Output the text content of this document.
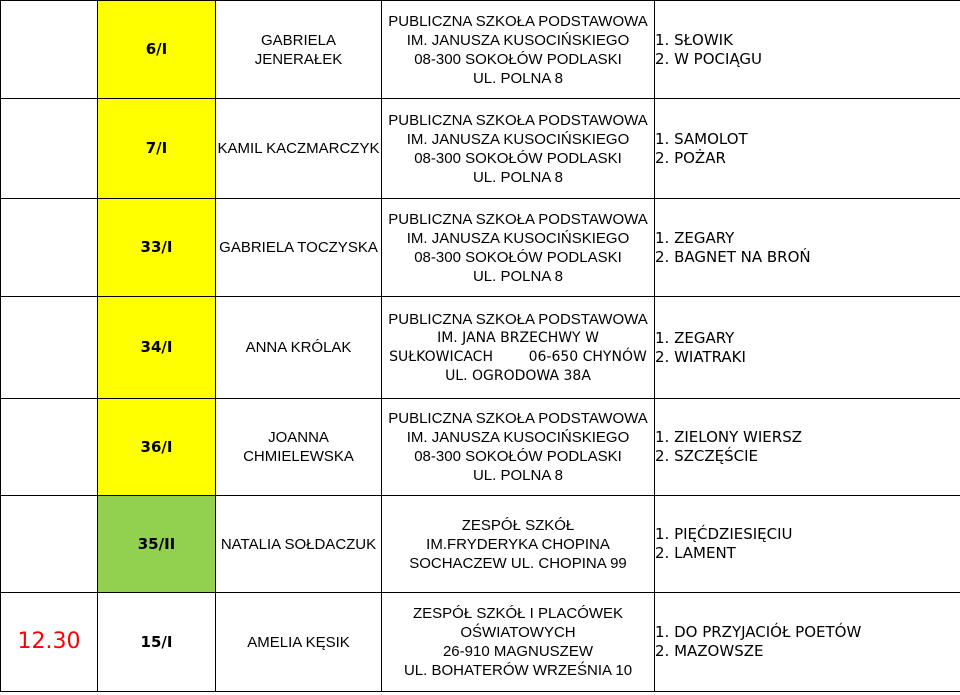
	6/I	GABRIELA JENERAŁEK	PUBLICZNA SZKOŁA PODSTAWOWA
IM. JANUSZA KUSOCIŃSKIEGO
08-300 SOKOŁÓW PODLASKI
UL. POLNA 8	1. SŁOWIK
2. W POCIĄGU

	7/I	KAMIL KACZMARCZYK	PUBLICZNA SZKOŁA PODSTAWOWA
IM. JANUSZA KUSOCIŃSKIEGO
08-300 SOKOŁÓW PODLASKI
UL. POLNA 8	1. SAMOLOT
2. POŻAR

	33/I	GABRIELA TOCZYSKA	PUBLICZNA SZKOŁA PODSTAWOWA
IM. JANUSZA KUSOCIŃSKIEGO
08-300 SOKOŁÓW PODLASKI
UL. POLNA 8	1. ZEGARY
2. BAGNET NA BROŃ

	34/I	ANNA KRÓLAK	PUBLICZNA SZKOŁA PODSTAWOWA
IM. JANA BRZECHWY W
SUŁKOWICACH        06-650 CHYNÓW
UL. OGRODOWA 38A	1. ZEGARY
2. WIATRAKI

	36/I	JOANNA CHMIELEWSKA	PUBLICZNA SZKOŁA PODSTAWOWA
IM. JANUSZA KUSOCIŃSKIEGO
08-300 SOKOŁÓW PODLASKI
UL. POLNA 8	1. ZIELONY WIERSZ
2. SZCZĘŚCIE

	35/II	NATALIA SOŁDACZUK	ZESPÓŁ SZKÓŁ
IM.FRYDERYKA CHOPINA
SOCHACZEW UL. CHOPINA 99	1. PIĘĆDZIESIĘCIU
2. LAMENT

12.30	15/I	AMELIA KĘSIK	ZESPÓŁ SZKÓŁ I PLACÓWEK
OŚWIATOWYCH
26-910 MAGNUSZEW
UL. BOHATERÓW WRZEŚNIA 10	1. DO PRZYJACIÓŁ POETÓW
2. MAZOWSZE
